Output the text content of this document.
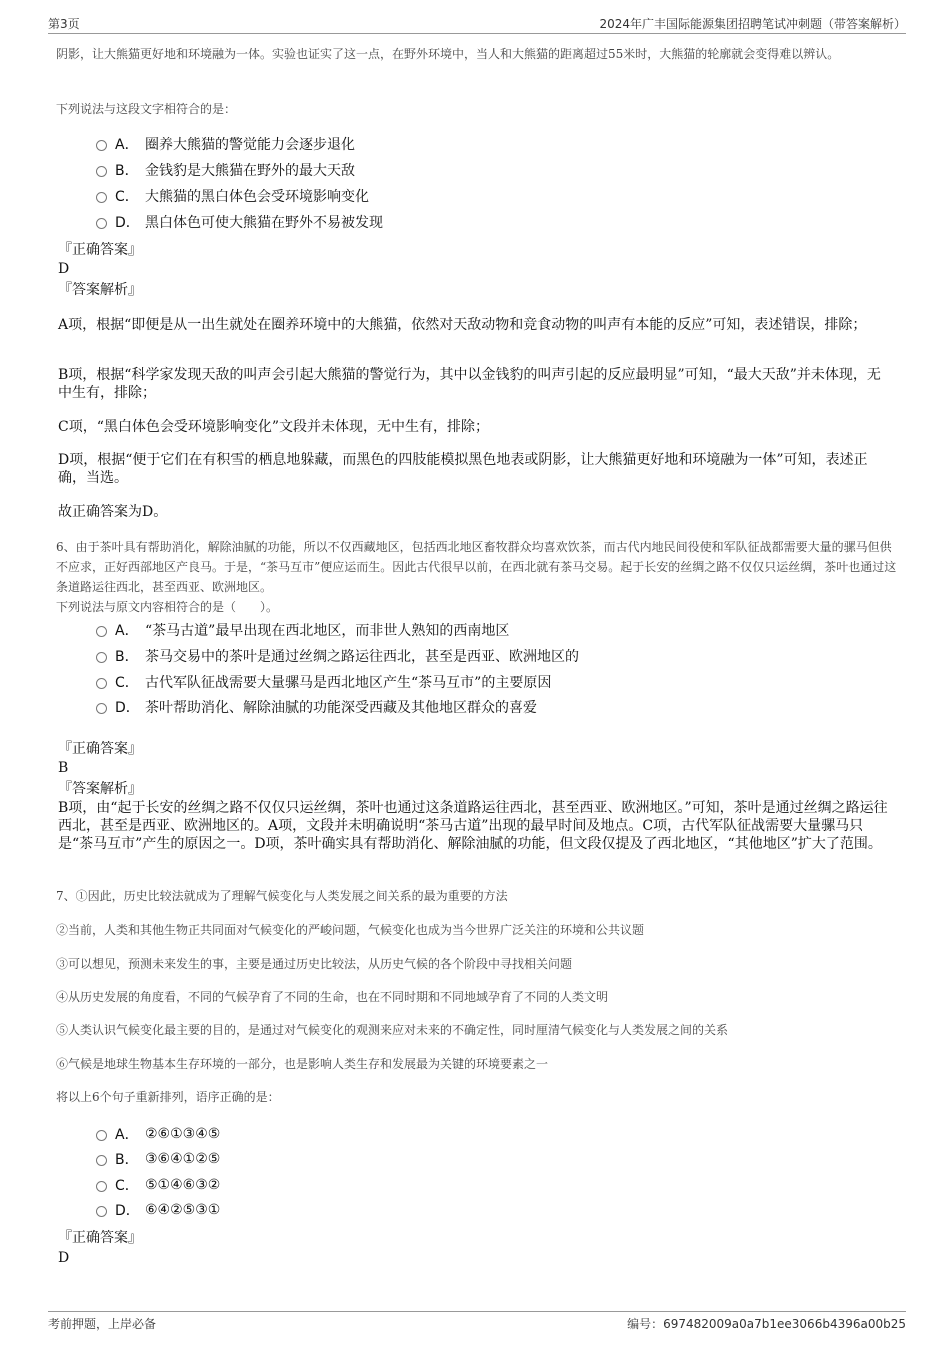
第3页	2024年广丰国际能源集团招聘笔试冲刺题（带答案解析）
阴影，让大熊猫更好地和环境融为一体。实验也证实了这一点，在野外环境中，当人和大熊猫的距离超过55米时，大熊猫的轮廓就会变得难以辨认。
下列说法与这段文字相符合的是：
A． 圈养大熊猫的警觉能力会逐步退化
B． 金钱豹是大熊猫在野外的最大天敌
C． 大熊猫的黑白体色会受环境影响变化
D． 黑白体色可使大熊猫在野外不易被发现
『正确答案』
D
『答案解析』
A项，根据“即便是从一出生就处在圈养环境中的大熊猫，依然对天敌动物和竞食动物的叫声有本能的反应”可知，表述错误，排除；
B项，根据“科学家发现天敌的叫声会引起大熊猫的警觉行为，其中以金钱豹的叫声引起的反应最明显”可知，“最大天敌”并未体现，无中生有，排除；
C项，“黑白体色会受环境影响变化”文段并未体现，无中生有，排除；
D项，根据“便于它们在有积雪的栖息地躲藏，而黑色的四肢能模拟黑色地表或阴影，让大熊猫更好地和环境融为一体”可知，表述正确，当选。
故正确答案为D。
6、由于茶叶具有帮助消化，解除油腻的功能，所以不仅西藏地区，包括西北地区畜牧群众均喜欢饮茶，而古代内地民间役使和军队征战都需要大量的骡马但供不应求，正好西部地区产良马。于是，“茶马互市”便应运而生。因此古代很早以前，在西北就有茶马交易。起于长安的丝绸之路不仅仅只运丝绸，茶叶也通过这条道路运往西北，甚至西亚、欧洲地区。
下列说法与原文内容相符合的是（　　）。
A． “茶马古道”最早出现在西北地区，而非世人熟知的西南地区
B． 茶马交易中的茶叶是通过丝绸之路运往西北，甚至是西亚、欧洲地区的
C． 古代军队征战需要大量骡马是西北地区产生“茶马互市”的主要原因
D． 茶叶帮助消化、解除油腻的功能深受西藏及其他地区群众的喜爱
『正确答案』
B
『答案解析』
B项，由“起于长安的丝绸之路不仅仅只运丝绸，茶叶也通过这条道路运往西北，甚至西亚、欧洲地区。”可知，茶叶是通过丝绸之路运往西北，甚至是西亚、欧洲地区的。A项，文段并未明确说明“茶马古道”出现的最早时间及地点。C项，古代军队征战需要大量骡马只是“茶马互市”产生的原因之一。D项，茶叶确实具有帮助消化、解除油腻的功能，但文段仅提及了西北地区，“其他地区”扩大了范围。
7、①因此，历史比较法就成为了理解气候变化与人类发展之间关系的最为重要的方法
②当前，人类和其他生物正共同面对气候变化的严峻问题，气候变化也成为当今世界广泛关注的环境和公共议题
③可以想见，预测未来发生的事，主要是通过历史比较法，从历史气候的各个阶段中寻找相关问题
④从历史发展的角度看，不同的气候孕育了不同的生命，也在不同时期和不同地域孕育了不同的人类文明
⑤人类认识气候变化最主要的目的，是通过对气候变化的观测来应对未来的不确定性，同时厘清气候变化与人类发展之间的关系
⑥气候是地球生物基本生存环境的一部分，也是影响人类生存和发展最为关键的环境要素之一
将以上6个句子重新排列，语序正确的是：
A． ②⑥①③④⑤
B． ③⑥④①②⑤
C． ⑤①④⑥③②
D． ⑥④②⑤③①
『正确答案』
D
考前押题，上岸必备	编号：697482009a0a7b1ee3066b4396a00b25
